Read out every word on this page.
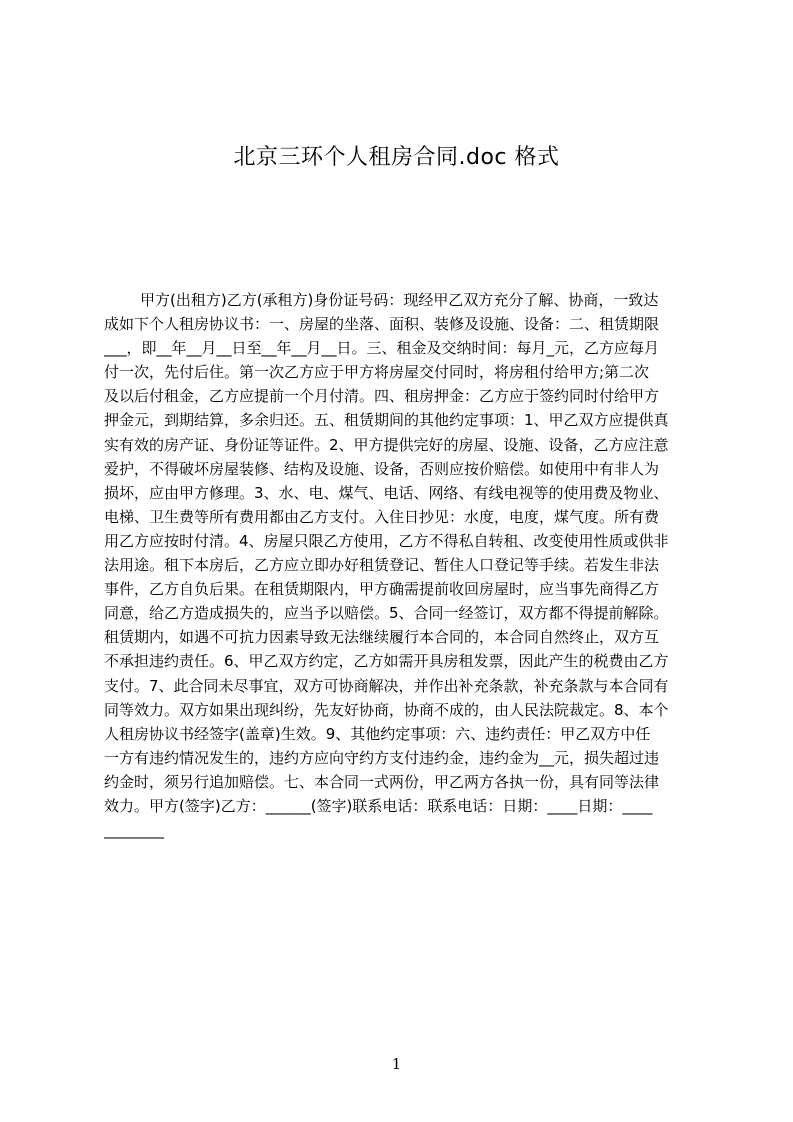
北京三环个人租房合同.doc 格式
甲方(出租方)乙方(承租方)身份证号码：现经甲乙双方充分了解、协商，一致达
成如下个人租房协议书：一、房屋的坐落、面积、装修及设施、设备：二、租赁期限
___，即__年__月__日至__年__月__日。三、租金及交纳时间：每月_元，乙方应每月
付一次，先付后住。第一次乙方应于甲方将房屋交付同时，将房租付给甲方;第二次
及以后付租金，乙方应提前一个月付清。四、租房押金：乙方应于签约同时付给甲方
押金元，到期结算，多余归还。五、租赁期间的其他约定事项：1、甲乙双方应提供真
实有效的房产证、身份证等证件。2、甲方提供完好的房屋、设施、设备，乙方应注意
爱护，不得破坏房屋装修、结构及设施、设备，否则应按价赔偿。如使用中有非人为
损坏，应由甲方修理。3、水、电、煤气、电话、网络、有线电视等的使用费及物业、
电梯、卫生费等所有费用都由乙方支付。入住日抄见：水度，电度，煤气度。所有费
用乙方应按时付清。4、房屋只限乙方使用，乙方不得私自转租、改变使用性质或供非
法用途。租下本房后，乙方应立即办好租赁登记、暂住人口登记等手续。若发生非法
事件，乙方自负后果。在租赁期限内，甲方确需提前收回房屋时，应当事先商得乙方
同意，给乙方造成损失的，应当予以赔偿。5、合同一经签订，双方都不得提前解除。
租赁期内，如遇不可抗力因素导致无法继续履行本合同的，本合同自然终止，双方互
不承担违约责任。6、甲乙双方约定，乙方如需开具房租发票，因此产生的税费由乙方
支付。7、此合同未尽事宜，双方可协商解决，并作出补充条款，补充条款与本合同有
同等效力。双方如果出现纠纷，先友好协商，协商不成的，由人民法院裁定。8、本个
人租房协议书经签字(盖章)生效。9、其他约定事项：六、违约责任：甲乙双方中任
一方有违约情况发生的，违约方应向守约方支付违约金，违约金为__元，损失超过违
约金时，须另行追加赔偿。七、本合同一式两份，甲乙两方各执一份，具有同等法律
效力。甲方(签字)乙方：______(签字)联系电话：联系电话：日期：____日期：____
________
1
